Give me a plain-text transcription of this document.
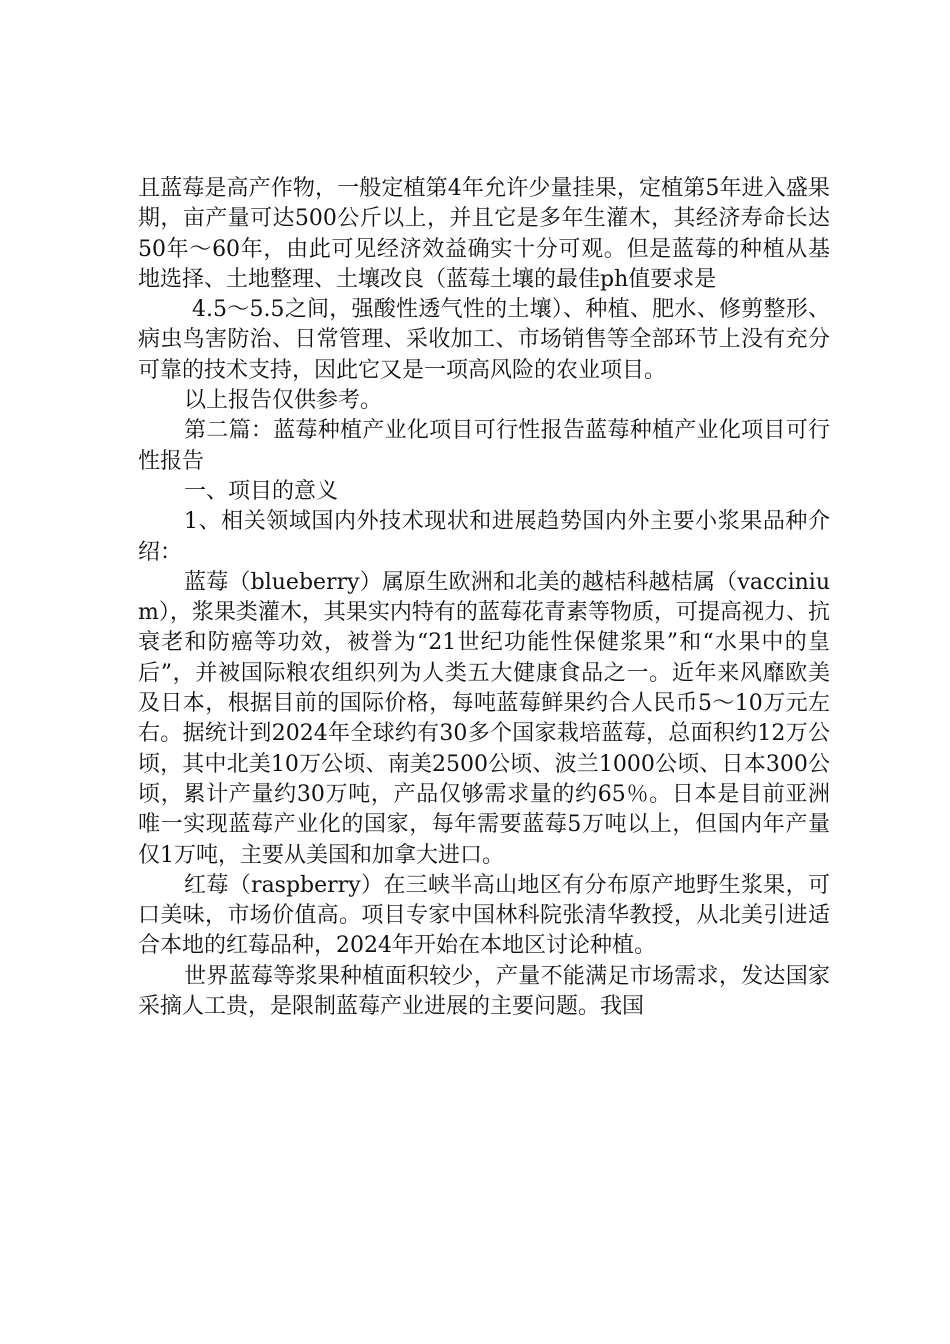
且蓝莓是高产作物，一般定植第4年允许少量挂果，定植第5年进入盛果期，亩产量可达500公斤以上，并且它是多年生灌木，其经济寿命长达50年～60年，由此可见经济效益确实十分可观。但是蓝莓的种植从基地选择、土地整理、土壤改良（蓝莓土壤的最佳ph值要求是

4.5～5.5之间，强酸性透气性的土壤）、种植、肥水、修剪整形、病虫鸟害防治、日常管理、采收加工、市场销售等全部环节上没有充分可靠的技术支持，因此它又是一项高风险的农业项目。

以上报告仅供参考。

第二篇：蓝莓种植产业化项目可行性报告蓝莓种植产业化项目可行性报告

一、项目的意义

1、相关领域国内外技术现状和进展趋势国内外主要小浆果品种介绍：

蓝莓（blueberry）属原生欧洲和北美的越桔科越桔属（vaccinium），浆果类灌木，其果实内特有的蓝莓花青素等物质，可提高视力、抗衰老和防癌等功效，被誉为“21世纪功能性保健浆果”和“水果中的皇后”，并被国际粮农组织列为人类五大健康食品之一。近年来风靡欧美及日本，根据目前的国际价格，每吨蓝莓鲜果约合人民币5～10万元左右。据统计到2024年全球约有30多个国家栽培蓝莓，总面积约12万公顷，其中北美10万公顷、南美2500公顷、波兰1000公顷、日本300公顷，累计产量约30万吨，产品仅够需求量的约65％。日本是目前亚洲唯一实现蓝莓产业化的国家，每年需要蓝莓5万吨以上，但国内年产量仅1万吨，主要从美国和加拿大进口。

红莓（raspberry）在三峡半高山地区有分布原产地野生浆果，可口美味，市场价值高。项目专家中国林科院张清华教授，从北美引进适合本地的红莓品种，2024年开始在本地区讨论种植。

世界蓝莓等浆果种植面积较少，产量不能满足市场需求，发达国家采摘人工贵，是限制蓝莓产业进展的主要问题。我国
